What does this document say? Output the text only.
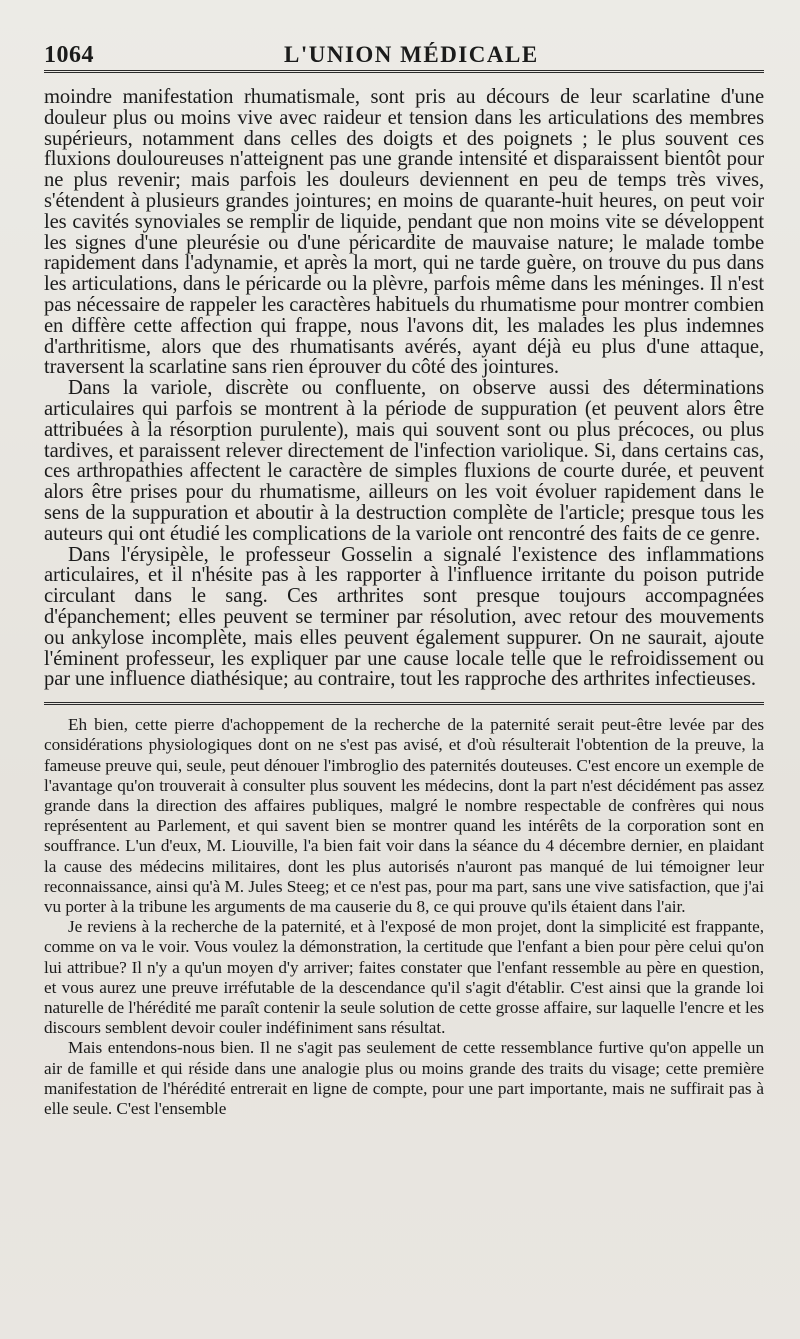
1064	L'UNION MÉDICALE

moindre manifestation rhumatismale, sont pris au décours de leur scarlatine d'une douleur plus ou moins vive avec raideur et tension dans les articulations des membres supérieurs, notamment dans celles des doigts et des poignets ; le plus souvent ces fluxions douloureuses n'atteignent pas une grande intensité et disparaissent bientôt pour ne plus revenir; mais parfois les douleurs deviennent en peu de temps très vives, s'étendent à plusieurs grandes jointures; en moins de quarante-huit heures, on peut voir les cavités synoviales se remplir de liquide, pendant que non moins vite se développent les signes d'une pleurésie ou d'une péricardite de mauvaise nature; le malade tombe rapidement dans l'adynamie, et après la mort, qui ne tarde guère, on trouve du pus dans les articulations, dans le péricarde ou la plèvre, parfois même dans les méninges. Il n'est pas nécessaire de rappeler les caractères habituels du rhumatisme pour montrer combien en diffère cette affection qui frappe, nous l'avons dit, les malades les plus indemnes d'arthritisme, alors que des rhumatisants avérés, ayant déjà eu plus d'une attaque, traversent la scarlatine sans rien éprouver du côté des jointures.

Dans la variole, discrète ou confluente, on observe aussi des déterminations articulaires qui parfois se montrent à la période de suppuration (et peuvent alors être attribuées à la résorption purulente), mais qui souvent sont ou plus précoces, ou plus tardives, et paraissent relever directement de l'infection variolique. Si, dans certains cas, ces arthropathies affectent le caractère de simples fluxions de courte durée, et peuvent alors être prises pour du rhumatisme, ailleurs on les voit évoluer rapidement dans le sens de la suppuration et aboutir à la destruction complète de l'article; presque tous les auteurs qui ont étudié les complications de la variole ont rencontré des faits de ce genre.

Dans l'érysipèle, le professeur Gosselin a signalé l'existence des inflammations articulaires, et il n'hésite pas à les rapporter à l'influence irritante du poison putride circulant dans le sang. Ces arthrites sont presque toujours accompagnées d'épanchement; elles peuvent se terminer par résolution, avec retour des mouvements ou ankylose incomplète, mais elles peuvent également suppurer. On ne saurait, ajoute l'éminent professeur, les expliquer par une cause locale telle que le refroidissement ou par une influence diathésique; au contraire, tout les rapproche des arthrites infectieuses.

Eh bien, cette pierre d'achoppement de la recherche de la paternité serait peut-être levée par des considérations physiologiques dont on ne s'est pas avisé, et d'où résulterait l'obtention de la preuve, la fameuse preuve qui, seule, peut dénouer l'imbroglio des paternités douteuses. C'est encore un exemple de l'avantage qu'on trouverait à consulter plus souvent les médecins, dont la part n'est décidément pas assez grande dans la direction des affaires publiques, malgré le nombre respectable de confrères qui nous représentent au Parlement, et qui savent bien se montrer quand les intérêts de la corporation sont en souffrance. L'un d'eux, M. Liouville, l'a bien fait voir dans la séance du 4 décembre dernier, en plaidant la cause des médecins militaires, dont les plus autorisés n'auront pas manqué de lui témoigner leur reconnaissance, ainsi qu'à M. Jules Steeg; et ce n'est pas, pour ma part, sans une vive satisfaction, que j'ai vu porter à la tribune les arguments de ma causerie du 8, ce qui prouve qu'ils étaient dans l'air.

Je reviens à la recherche de la paternité, et à l'exposé de mon projet, dont la simplicité est frappante, comme on va le voir. Vous voulez la démonstration, la certitude que l'enfant a bien pour père celui qu'on lui attribue? Il n'y a qu'un moyen d'y arriver; faites constater que l'enfant ressemble au père en question, et vous aurez une preuve irréfutable de la descendance qu'il s'agit d'établir. C'est ainsi que la grande loi naturelle de l'hérédité me paraît contenir la seule solution de cette grosse affaire, sur laquelle l'encre et les discours semblent devoir couler indéfiniment sans résultat.

Mais entendons-nous bien. Il ne s'agit pas seulement de cette ressemblance furtive qu'on appelle un air de famille et qui réside dans une analogie plus ou moins grande des traits du visage; cette première manifestation de l'hérédité entrerait en ligne de compte, pour une part importante, mais ne suffirait pas à elle seule. C'est l'ensemble
